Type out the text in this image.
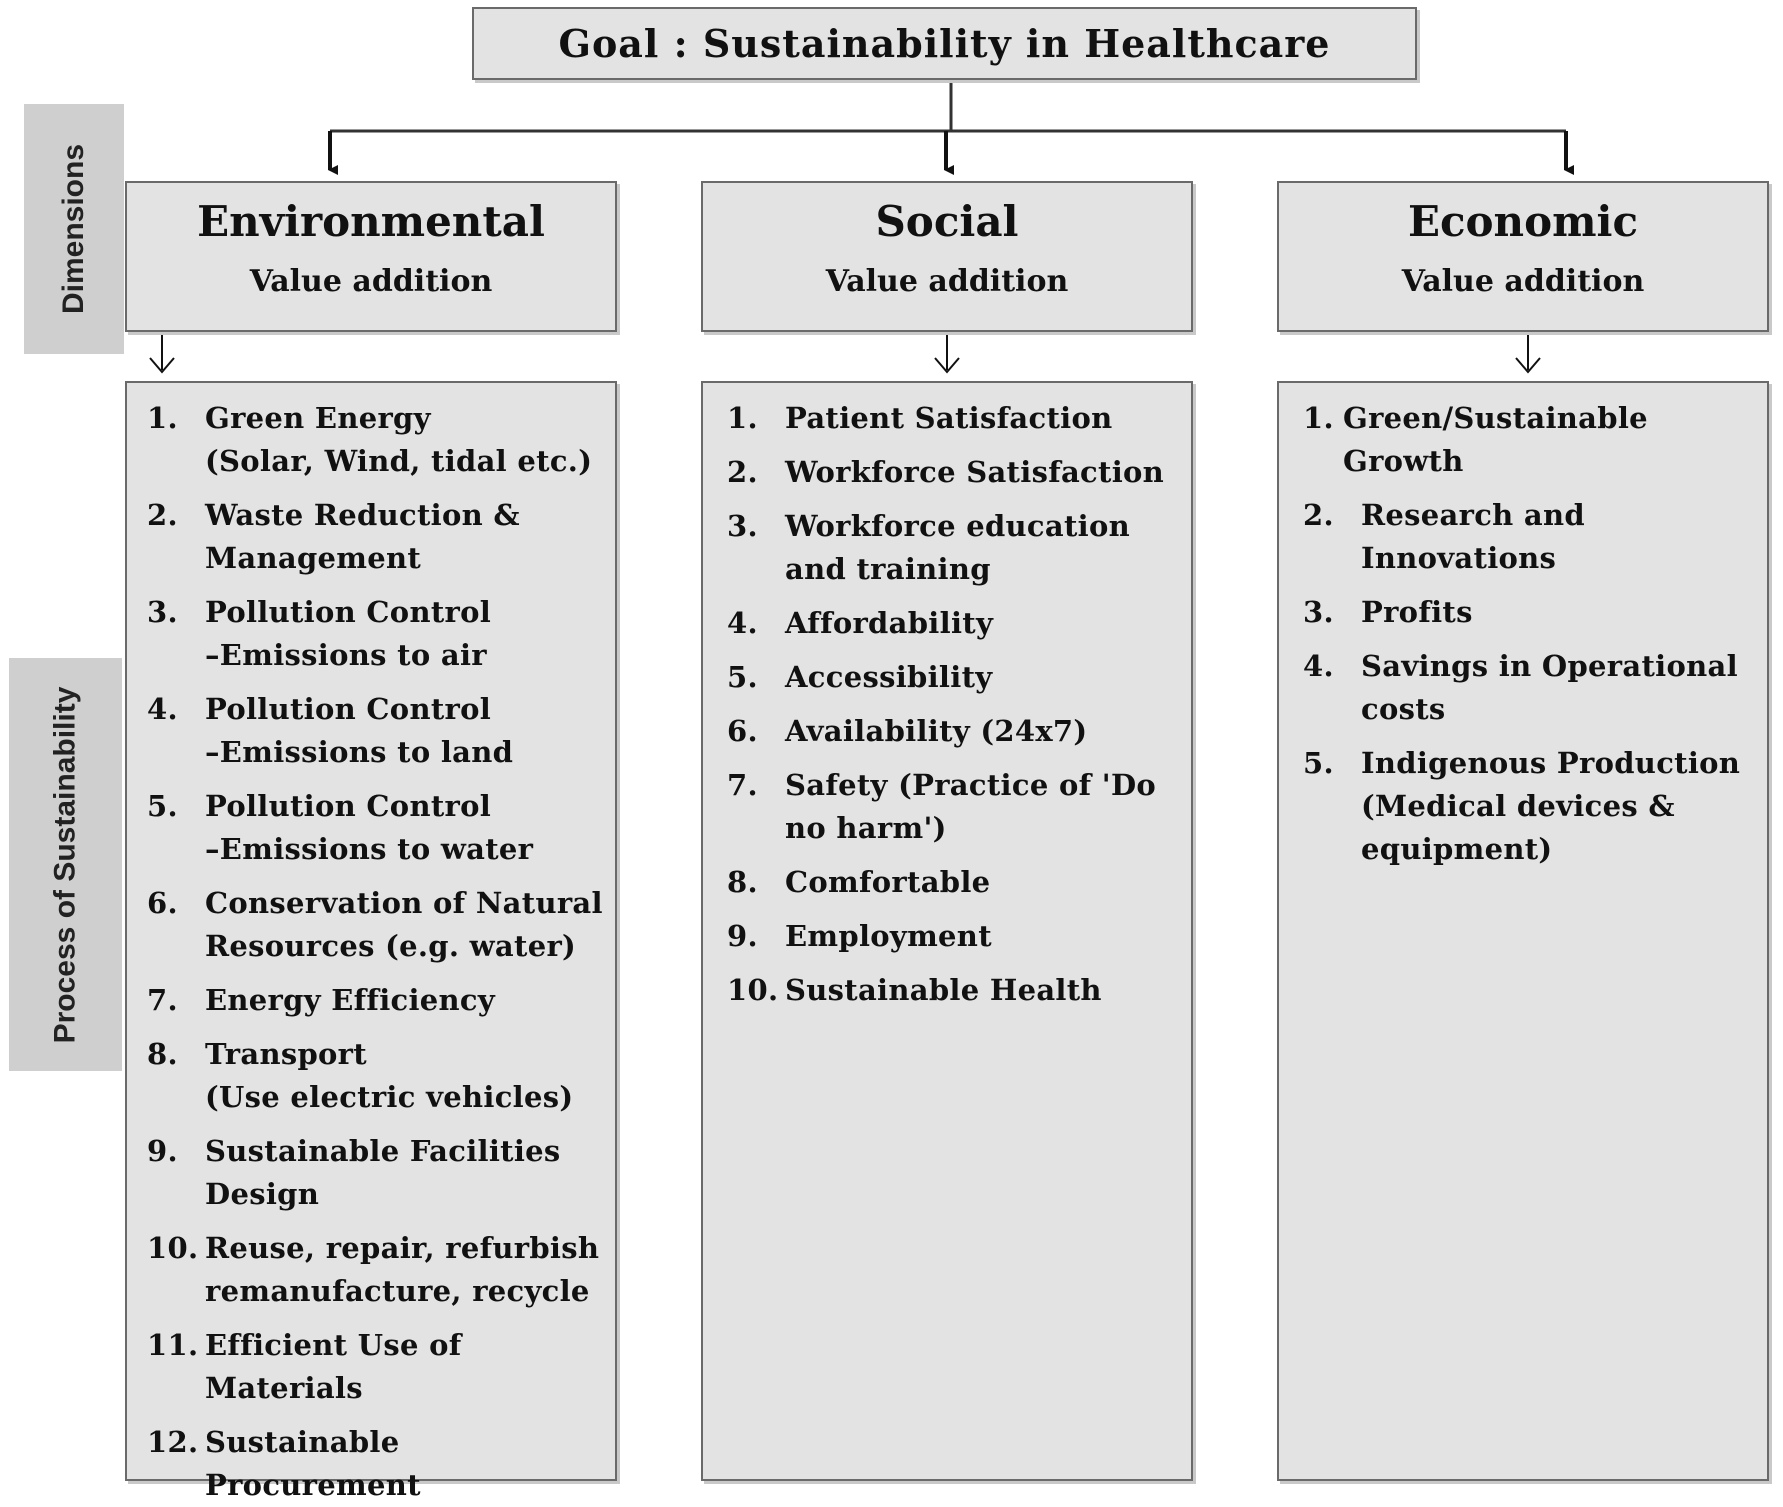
Goal : Sustainability in Healthcare
Dimensions
Process of Sustainability
Environmental
Value addition
Social
Value addition
Economic
Value addition
1. Green Energy
(Solar, Wind, tidal etc.)
2. Waste Reduction &
Management
3. Pollution Control
–Emissions to air
4. Pollution Control
–Emissions to land
5. Pollution Control
–Emissions to water
6. Conservation of Natural
Resources (e.g. water)
7. Energy Efficiency
8. Transport
(Use electric vehicles)
9. Sustainable Facilities
Design
10. Reuse, repair, refurbish
remanufacture, recycle
11. Efficient Use of
Materials
12. Sustainable Procurement
1. Patient Satisfaction
2. Workforce Satisfaction
3. Workforce education
and training
4. Affordability
5. Accessibility
6. Availability (24x7)
7. Safety (Practice of 'Do
no harm')
8. Comfortable
9. Employment
10. Sustainable Health
1. Green/Sustainable Growth
2. Research and
Innovations
3. Profits
4. Savings in Operational
costs
5. Indigenous Production
(Medical devices &
equipment)
